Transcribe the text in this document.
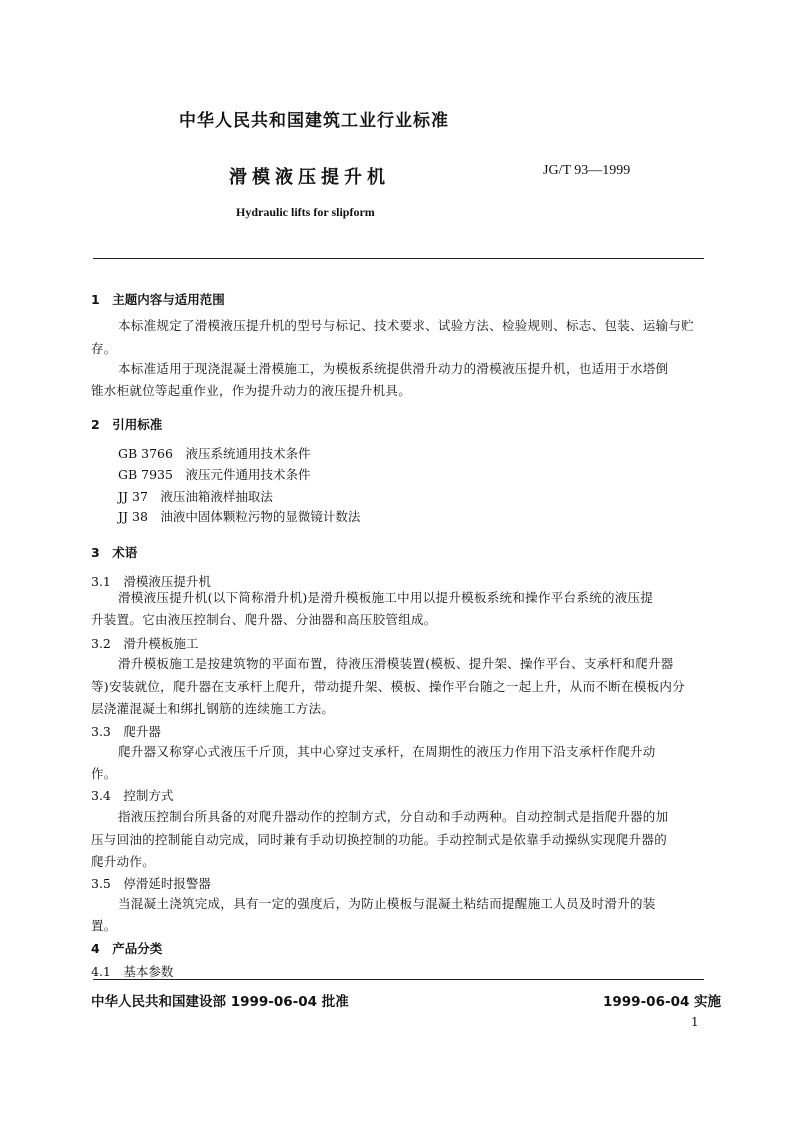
中华人民共和国建筑工业行业标准
滑模液压提升机	JG/T 93—1999
Hydraulic lifts for slipform
1　主题内容与适用范围
本标准规定了滑模液压提升机的型号与标记、技术要求、试验方法、检验规则、标志、包装、运输与贮
存。
本标准适用于现浇混凝土滑模施工，为模板系统提供滑升动力的滑模液压提升机，也适用于水塔倒
锥水柜就位等起重作业，作为提升动力的液压提升机具。
2　引用标准
GB 3766　液压系统通用技术条件
GB 7935　液压元件通用技术条件
JJ 37　液压油箱液样抽取法
JJ 38　油液中固体颗粒污物的显微镜计数法
3　术语
3.1　滑模液压提升机
滑模液压提升机(以下简称滑升机)是滑升模板施工中用以提升模板系统和操作平台系统的液压提
升装置。它由液压控制台、爬升器、分油器和高压胶管组成。
3.2　滑升模板施工
滑升模板施工是按建筑物的平面布置，待液压滑模装置(模板、提升架、操作平台、支承杆和爬升器
等)安装就位，爬升器在支承杆上爬升，带动提升架、模板、操作平台随之一起上升，从而不断在模板内分
层浇灌混凝土和绑扎钢筋的连续施工方法。
3.3　爬升器
爬升器又称穿心式液压千斤顶，其中心穿过支承杆，在周期性的液压力作用下沿支承杆作爬升动
作。
3.4　控制方式
指液压控制台所具备的对爬升器动作的控制方式，分自动和手动两种。自动控制式是指爬升器的加
压与回油的控制能自动完成，同时兼有手动切换控制的功能。手动控制式是依靠手动操纵实现爬升器的
爬升动作。
3.5　停滑延时报警器
当混凝土浇筑完成，具有一定的强度后，为防止模板与混凝土粘结而提醒施工人员及时滑升的装
置。
4　产品分类
4.1　基本参数
中华人民共和国建设部 1999-06-04 批准	1999-06-04 实施
1
